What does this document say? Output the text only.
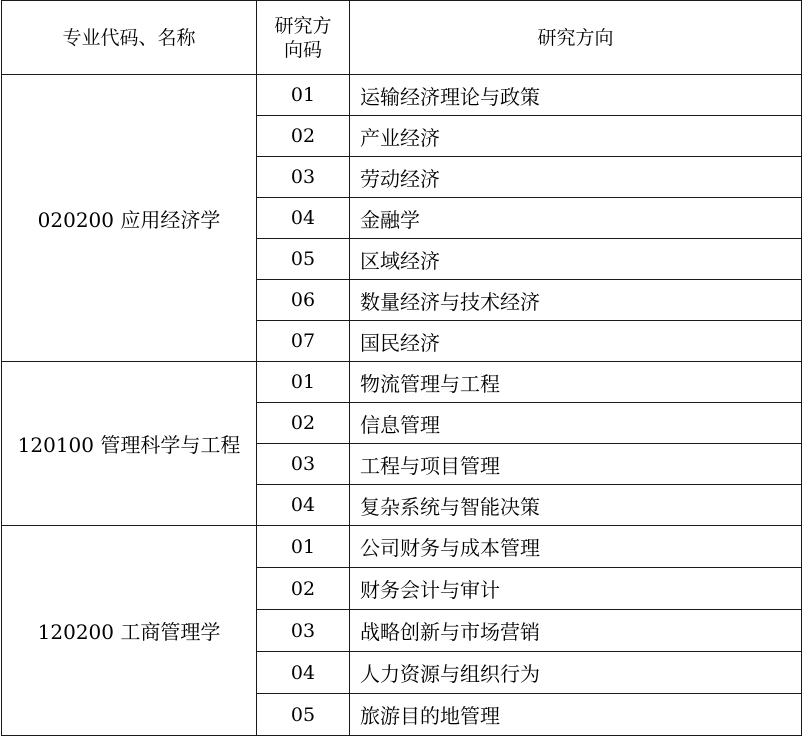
专业代码、名称	研究方向码	研究方向
020200 应用经济学	01	运输经济理论与政策
	02	产业经济
	03	劳动经济
	04	金融学
	05	区域经济
	06	数量经济与技术经济
	07	国民经济
120100 管理科学与工程	01	物流管理与工程
	02	信息管理
	03	工程与项目管理
	04	复杂系统与智能决策
120200 工商管理学	01	公司财务与成本管理
	02	财务会计与审计
	03	战略创新与市场营销
	04	人力资源与组织行为
	05	旅游目的地管理
